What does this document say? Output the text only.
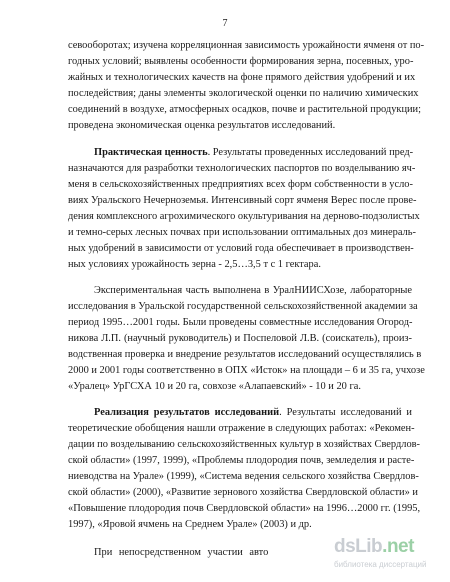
7
севооборотах; изучена корреляционная зависимость урожайности ячменя от по-
годных условий; выявлены особенности формирования зерна, посевных, уро-
жайных и технологических качеств на фоне прямого действия удобрений и их
последействия; даны элементы экологической оценки по наличию химических
соединений в воздухе, атмосферных осадков, почве и растительной продукции;
проведена экономическая оценка результатов исследований.
Практическая ценность. Результаты проведенных исследований пред-
назначаются для разработки технологических паспортов по возделыванию яч-
меня в сельскохозяйственных предприятиях всех форм собственности в усло-
виях Уральского Нечерноземья. Интенсивный сорт ячменя Верес после прове-
дения комплексного агрохимического окультуривания на дерново-подзолистых
и темно-серых лесных почвах при использовании оптимальных доз минераль-
ных удобрений в зависимости от условий года обеспечивает в производствен-
ных условиях урожайность зерна - 2,5…3,5 т с 1 гектара.
Экспериментальная часть выполнена в УралНИИСХозе, лабораторные
исследования в Уральской государственной сельскохозяйственной академии за
период 1995…2001 годы. Были проведены совместные исследования Огород-
никова Л.П. (научный руководитель) и Поспеловой Л.В. (соискатель), произ-
водственная проверка и внедрение результатов исследований осуществлялись в
2000 и 2001 годы соответственно в ОПХ «Исток» на площади – 6 и 35 га, учхозе
«Уралец» УрГСХА 10 и 20 га, совхозе «Алапаевский» - 10 и 20 га.
Реализация результатов исследований. Результаты исследований и
теоретические обобщения нашли отражение в следующих работах: «Рекомен-
дации по возделыванию сельскохозяйственных культур в хозяйствах Свердлов-
ской области» (1997, 1999), «Проблемы плодородия почв, земледелия и расте-
ниеводства на Урале» (1999), «Система ведения сельского хозяйства Свердлов-
ской области» (2000), «Развитие зернового хозяйства Свердловской области» и
«Повышение плодородия почв Свердловской области» на 1996…2000 гг. (1995,
1997), «Яровой ячмень на Среднем Урале» (2003) и др.
При непосредственном участии авто	dsLib.net
библиотека диссертаций
